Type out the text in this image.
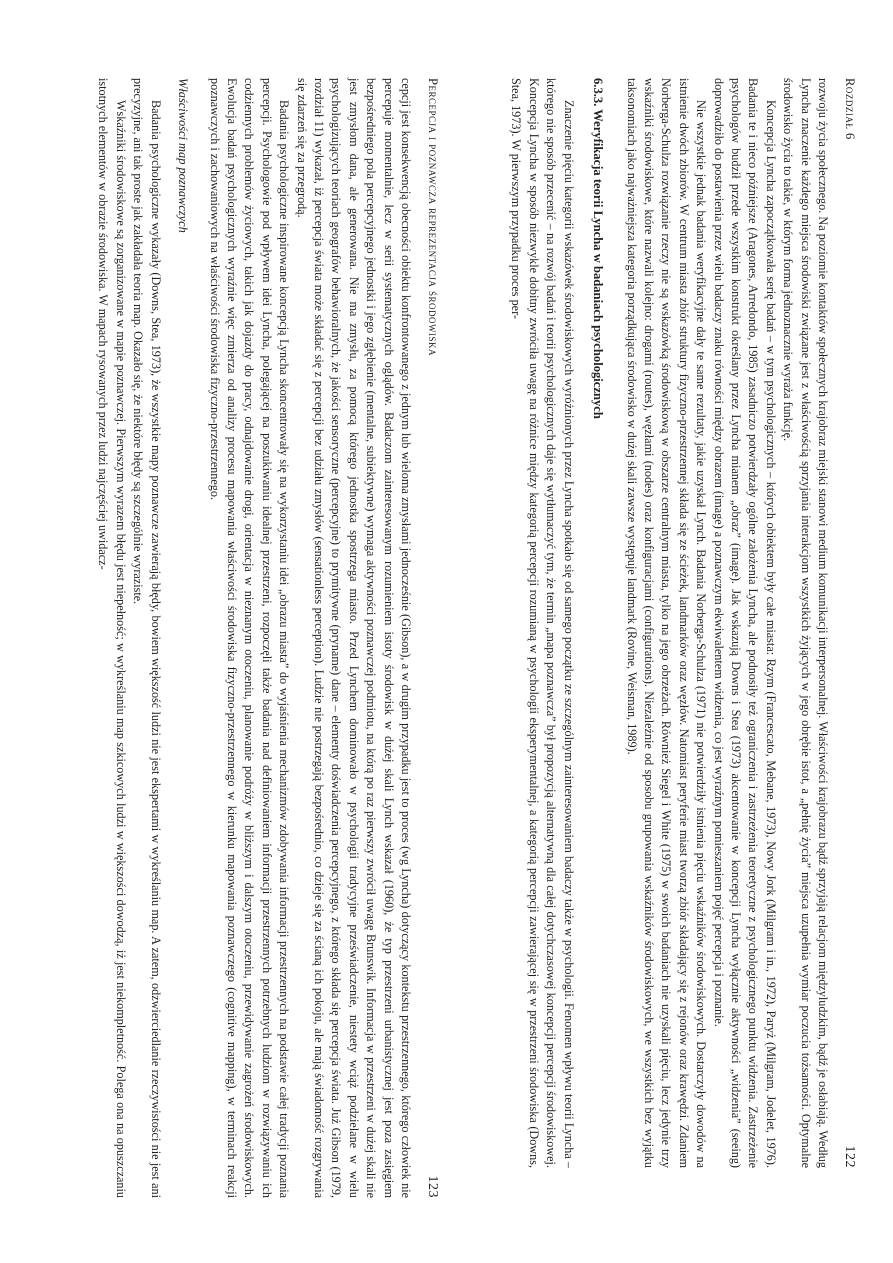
Rozdział 6
122

rozwoju życia społecznego. Na poziomie kontaktów społecznych krajobraz miejski stanowi medium komunikacji interpersonalnej. Właściwości krajobrazu bądź sprzyjają relacjom międzyludzkim, bądź je osłabiają. Według Lyncha znaczenie każdego miejsca środowiski związane jest z właściwością sprzyjania interakcjom wszystkich żyjących w jego obrębie istot, a „pełnię życia” miejsca uzupełnia wymiar poczucia tożsamości. Optymalne środowisko życia to takie, w którym forma jednoznacznie wyraża funkcję.

Koncepcja Lyncha zapoczątkowała serię badań – w tym psychologicznych – których obiektem były całe miasta: Rzym (Francescato, Mebane, 1973), Nowy Jork (Milgram i in., 1972), Paryż (Milgram, Jodelet, 1976). Badania te i nieco późniejsze (Aragones, Arredondo, 1985) zasadniczo potwierdzały ogólne założenia Lyncha, ale podnosiły też ograniczenia i zastrzeżenia teoretyczne z psychologicznego punktu widzenia. Zastrzeżenie psychologów budził przede wszystkim konstrukt określany przez Lyncha mianem „obraz” (image). Jak wskazują Downs i Stea (1973) akcentowanie w koncepcji Lyncha wyłącznie aktywności „widzenia” (seeing) doprowadziło do postawienia przez wielu badaczy znaku równości między obrazem (image) a poznawczym ekwiwalentem widzenia, co jest wyraźnym pomieszaniem pojęć percepcja i poznanie.

Nie wszystkie jednak badania weryfikacyjne dały te same rezultaty, jakie uzyskał Lynch. Badania Norberga-Schulza (1971) nie potwierdziły istnienia pięciu wskaźników środowiskowych. Dostarczyły dowodów na istnienie dwóch zbiorów. W centrum miasta zbiór struktury fizyczno-przestrzennej składa się ze ścieżek, landmarków oraz węzłów. Natomiast peryferie miast tworzą zbiór składający się z rejonów oraz krawędzi. Zdaniem Norberga-Schulza rozwiązanie rzeczy nie są wskazówką środowiskową w obszarze centralnym miasta, tylko na jego obrzeżach. Również Siegel i White (1975) w swoich badaniach nie uzyskali pięciu, lecz jedynie trzy wskaźniki środowiskowe, które nazwali kolejno: drogami (routes), węzłami (nodes) oraz konfiguracjami (configurations). Niezależnie od sposobu grupowania wskaźników środowiskowych, we wszystkich bez wyjątku taksonomiach jako najważniejsza kategoria porządkująca środowisko w dużej skali zawsze występuje landmark (Rovine, Weisman, 1989).

6.3.3. Weryfikacja teorii Lyncha w badaniach psychologicznych

Znaczenie pięciu kategorii wskazówek środowiskowych wyróżnionych przez Lyncha spotkało się od samego początku ze szczególnym zainteresowaniem badaczy także w psychologii. Fenomen wpływu teorii Lyncha – którego nie sposób przecenić – na rozwój badań i teorii psychologicznych daje się wytłumaczyć tym, że termin „mapa poznawcza” był propozycją alternatywną dla całej dotychczasowej koncepcji percepcji środowiskowej. Koncepcja Lyncha w sposób niezwykle dobitny zwróciła uwagę na różnice między kategorią percepcji rozumianą w psychologii eksperymentalnej, a kategorią percepcji zawierającej się w przestrzeni środowiska (Downs, Stea, 1973). W pierwszym przypadku proces per-

Percepcja i poznawcza reprezentacja środowiska
123

cepcji jest konsekwencją obecności obiektu konfrontowanego z jednym lub wieloma zmysłami jednocześnie (Gibson), a w drugim przypadku jest to proces (wg Lyncha) dotyczący kontekstu przestrzennego, którego człowiek nie percepuje momentalnie, lecz w serii systematycznych oglądów. Badaczom zainteresowanym rozumieniem istoty środowisk w dużej skali Lynch wskazał (1960), że typ przestrzeni urbanistycznej jest poza zasięgiem bezpośredniego pola percepcyjnego jednostki i jego zgłębienie (mentalne, subiektywne) wymaga aktywności poznawczej podmiotu, na którą po raz pierwszy zwrócił uwagę Brunswik. Informacja w przestrzeni w dużej skali nie jest zmysłom dana, ale generowana. Nie ma zmysłu, za pomocą którego jednostka spostrzega miasto. Przed Lynchem dominowało w psychologii tradycyjne przeświadczenie, niestety wciąż podzielane w wielu psychologizujących teoriach geografów behawioralnych, że jakości sensoryczne (percepcyjne) to prymitywne (pryname) dane – elementy doświadczenia percepcyjnego, z którego składa się percepcja świata. Już Gibson (1979, rozdział 11) wykazał, iż percepcja świata może składać się z percepcji bez udziału zmysłów (sensationless perception). Ludzie nie postrzegają bezpośrednio, co dzieje się za ścianą ich pokoju, ale mają świadomość rozgrywania się zdarzeń się za przegrodą.

Badania psychologiczne inspirowane koncepcją Lyncha skoncentrowały się na wykorzystaniu idei „obrazu miasta” do wyjaśnienia mechanizmów zdobywania informacji przestrzennych na podstawie całej tradycji poznania percepcji. Psychologowie pod wpływem idei Lyncha, polegającej na poszukiwaniu idealnej przestrzeni, rozpoczęli także badania nad definiowaniem informacji przestrzennych potrzebnych ludziom w rozwiązywaniu ich codziennych problemów życiowych, takich jak dojazdy do pracy, odnajdowanie drogi, orientacja w nieznanym otoczeniu, planowanie podróży w bliższym i dalszym otoczeniu, przewidywanie zagrożeń środowiskowych. Ewolucja badań psychologicznych wyraźnie więc zmierza od analizy procesu mapowania właściwości środowiska fizyczno-przestrzennego w kierunku mapowania poznawczego (cognitive mapping), w terminach reakcji poznawczych i zachowaniowych na właściwości środowiska fizyczno-przestrzennego.

Właściwości map poznawczych

Badania psychologiczne wykazały (Downs, Stea, 1973), że wszystkie mapy poznawcze zawierają błędy, bowiem większość ludzi nie jest ekspertami w wykreślaniu map. A zatem, odzwierciedlanie rzeczywistości nie jest ani precyzyjne, ani tak proste jak zakładała teoria map. Okazało się, że niektóre błędy są szczególnie wyraziste.

Wskaźniki środowiskowe są zorganizowane w mapie poznawczej. Pierwszym wyrazem błędu jest niepełność; w wykreślaniu map szkicowych ludzi w większości dowodzą, iż jest niekompletność. Polega ona na opuszczaniu istotnych elementów w obrazie środowiska. W mapach rysowanych przez ludzi najczęściej uwidacz-
